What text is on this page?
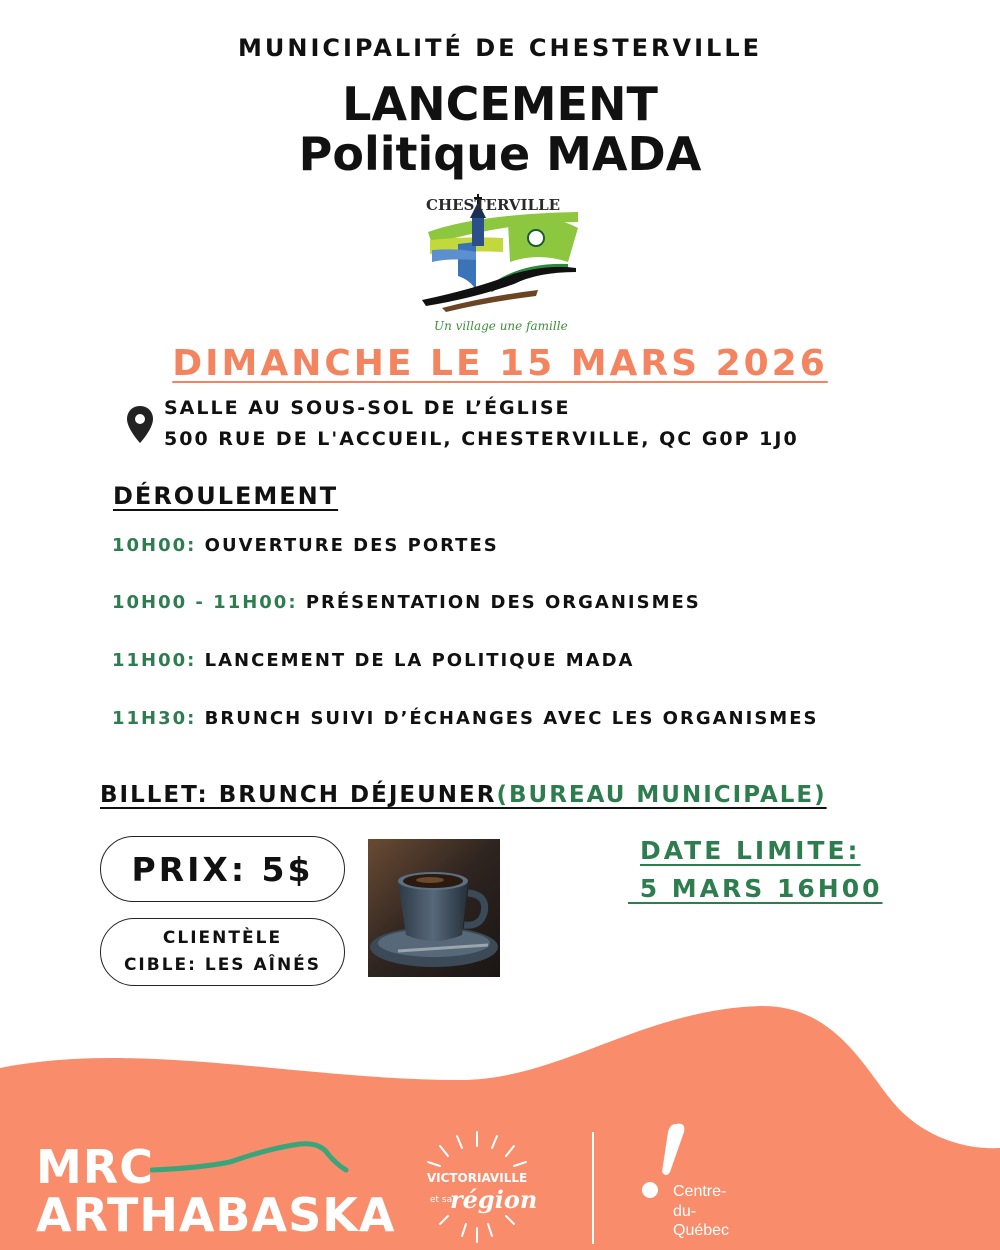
MUNICIPALITÉ DE CHESTERVILLE
LANCEMENT
Politique MADA
CHESTERVILLE
Un village une famille
DIMANCHE LE 15 MARS 2026
SALLE AU SOUS-SOL DE L’ÉGLISE
500 RUE DE L'ACCUEIL, CHESTERVILLE, QC G0P 1J0
DÉROULEMENT
10H00: OUVERTURE DES PORTES
10H00 - 11H00: PRÉSENTATION DES ORGANISMES
11H00: LANCEMENT DE LA POLITIQUE MADA
11H30: BRUNCH SUIVI D’ÉCHANGES AVEC LES ORGANISMES
BILLET: BRUNCH DÉJEUNER(BUREAU MUNICIPALE)
PRIX: 5$
CLIENTÈLE
CIBLE: LES AÎNÉS
DATE LIMITE:
5 MARS 16H00
MRC
ARTHABASKA
VICTORIAVILLE
et sa
région	Centre-
du-
Québec
